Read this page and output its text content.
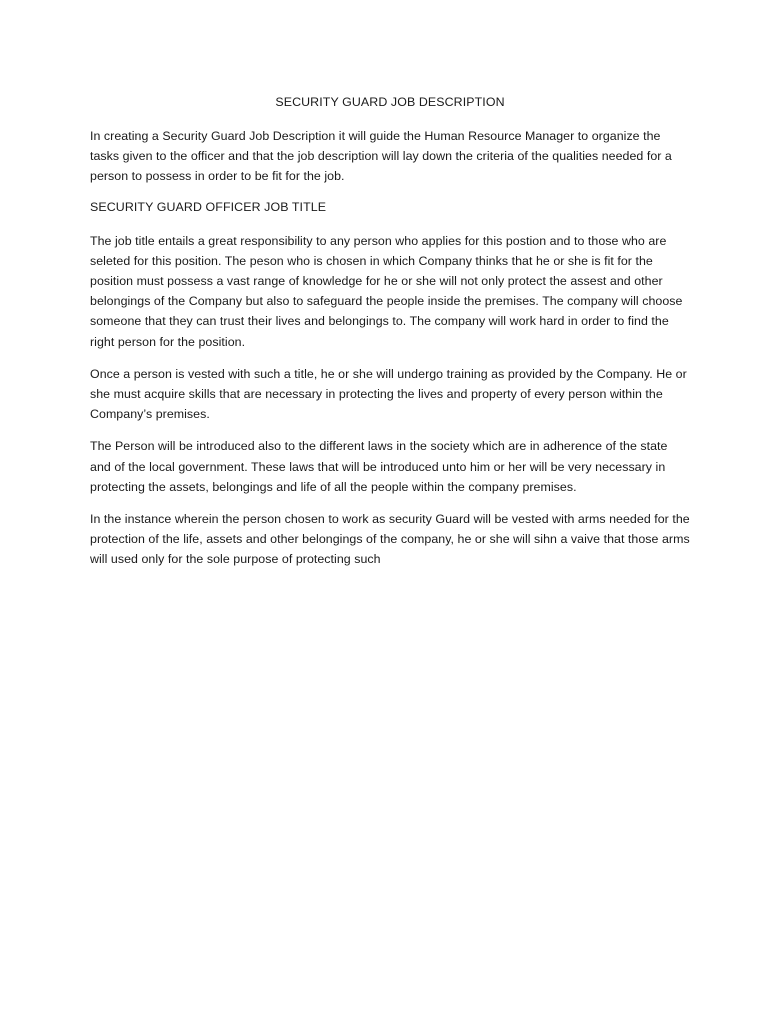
SECURITY GUARD JOB DESCRIPTION

In creating a Security Guard Job Description it will guide the Human Resource Manager to organize the tasks given to the officer and that the job description will lay down the criteria of the qualities needed for a person to possess in order to be fit for the job.

SECURITY GUARD OFFICER JOB TITLE

The job title entails a great responsibility to any person who applies for this postion and to those who are seleted for this position. The peson who is chosen in which Company thinks that he or she is fit for the position must possess a vast range of knowledge for he or she will not only protect the assest and other belongings of the Company but also to safeguard the people inside the premises. The company will choose someone that they can trust their lives and belongings to. The company will work hard in order to find the right person for the position.

Once a person is vested with such a title, he or she will undergo training as provided by the Company. He or she must acquire skills that are necessary in protecting the lives and property of every person within the Company’s premises.

The Person will be introduced also to the different laws in the society which are in adherence of the state and of the local government. These laws that will be introduced unto him or her will be very necessary in protecting the assets, belongings and life of all the people within the company premises.

In the instance wherein the person chosen to work as security Guard will be vested with arms needed for the protection of the life, assets and other belongings of the company, he or she will sihn a vaive that those arms will used only for the sole purpose of protecting such
